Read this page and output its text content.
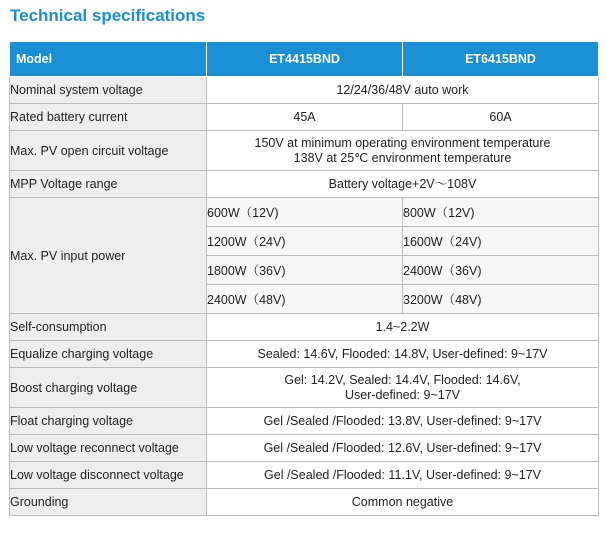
Technical specifications
Model	ET4415BND	ET6415BND
Nominal system voltage	12/24/36/48V auto work	
Rated battery current	45A	60A
Max. PV open circuit voltage	150V at minimum operating environment temperature
138V at 25℃ environment temperature	

MPP Voltage range	Battery voltage+2V～108V	
Max. PV input power	600W（12V)	800W（12V)
	1200W（24V)	1600W（24V)
	1800W（36V)	2400W（36V)
	2400W（48V)	3200W（48V)
Self-consumption	1.4~2.2W	
Equalize charging voltage	Sealed: 14.6V, Flooded: 14.8V, User-defined: 9~17V	
Boost charging voltage	Gel: 14.2V, Sealed: 14.4V, Flooded: 14.6V,
User-defined: 9~17V	

Float charging voltage	Gel /Sealed /Flooded: 13.8V, User-defined: 9~17V	
Low voltage reconnect voltage	Gel /Sealed /Flooded: 12.6V, User-defined: 9~17V	
Low voltage disconnect voltage	Gel /Sealed /Flooded: 11.1V, User-defined: 9~17V	
Grounding	Common negative	
